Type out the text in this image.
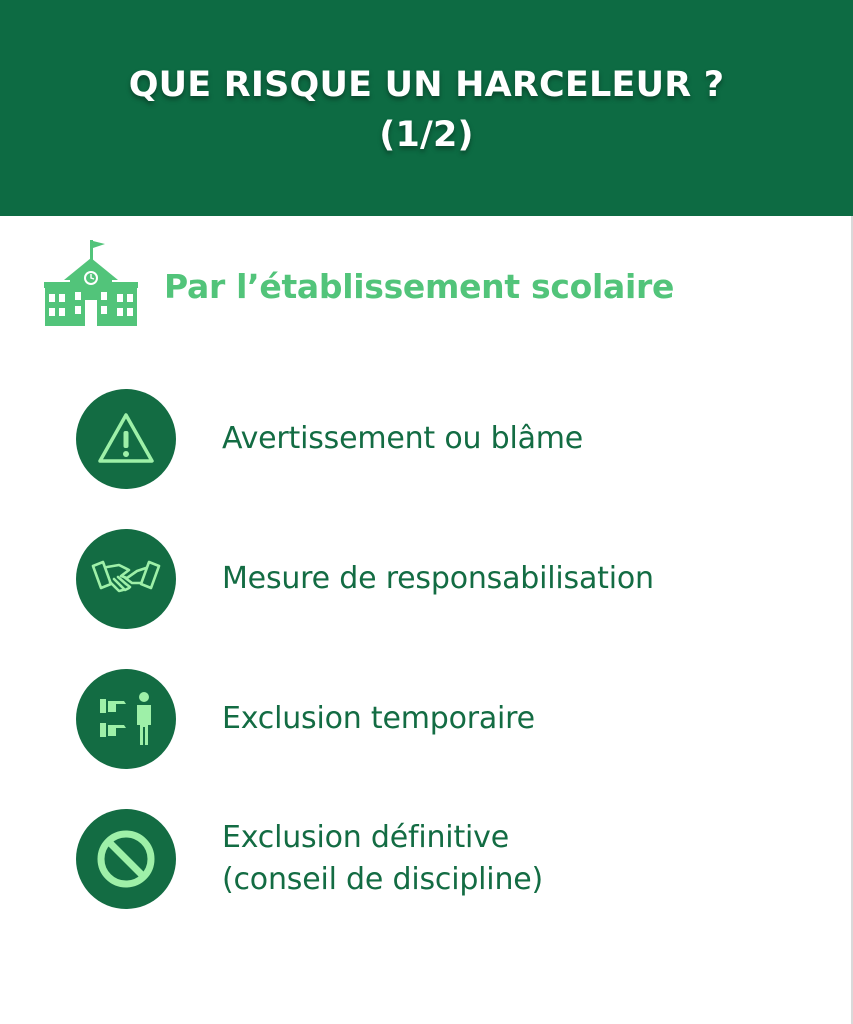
QUE RISQUE UN HARCELEUR ?
(1/2)
Par l’établissement scolaire
Avertissement ou blâme
Mesure de responsabilisation
Exclusion temporaire
Exclusion définitive
(conseil de discipline)
